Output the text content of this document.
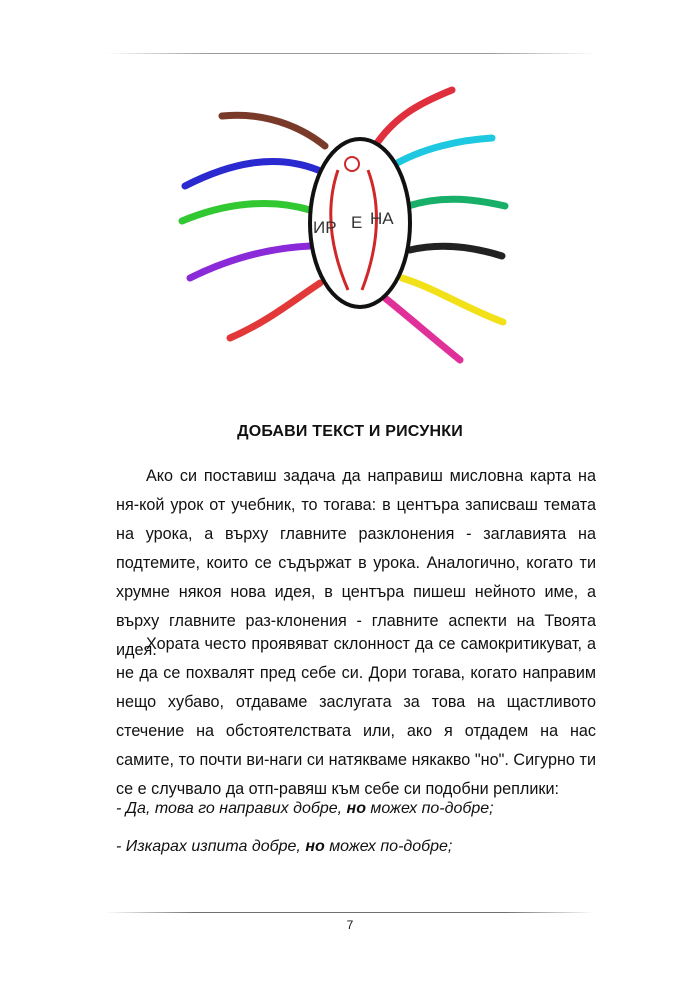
ИР Е НА
ДОБАВИ ТЕКСТ И РИСУНКИ

Ако си поставиш задача да направиш мисловна карта на ня-кой урок от учебник, то тогава: в центъра записваш темата на урока, а върху главните разклонения - заглавията на подтемите, които се съдържат в урока. Аналогично, когато ти хрумне някоя нова идея, в центъра пишеш нейното име, а върху главните раз-клонения - главните аспекти на Твоята идея.

Хората често проявяват склонност да се самокритикуват, а не да се похвалят пред себе си. Дори тогава, когато направим нещо хубаво, отдаваме заслугата за това на щастливото стечение на обстоятелствата или, ако я отдадем на нас самите, то почти ви-наги си натякваме някакво "но". Сигурно ти се е случвало да отп-равяш към себе си подобни реплики:

- Да, това го направих добре, но можех по-добре;

- Изкарах изпита добре, но можех по-добре;

7
